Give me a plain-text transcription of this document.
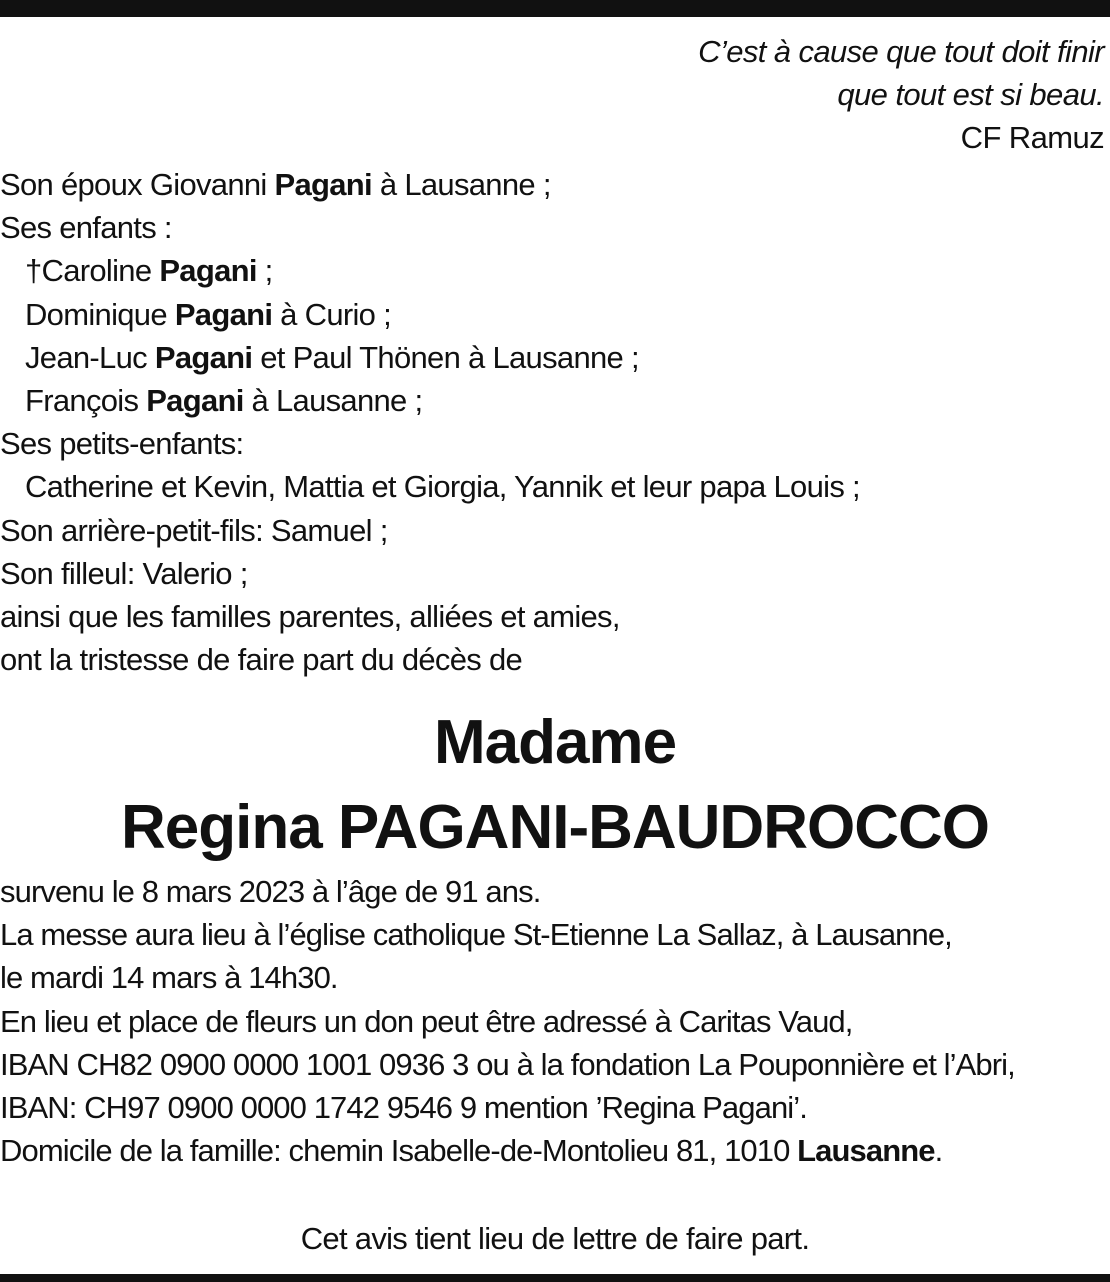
C’est à cause que tout doit finir
que tout est si beau.
CF Ramuz
Son époux Giovanni Pagani à Lausanne ;
Ses enfants :
†Caroline Pagani ;
Dominique Pagani à Curio ;
Jean-Luc Pagani et Paul Thönen à Lausanne ;
François Pagani à Lausanne ;
Ses petits-enfants:
Catherine et Kevin, Mattia et Giorgia, Yannik et leur papa Louis ;
Son arrière-petit-fils: Samuel ;
Son filleul: Valerio ;
ainsi que les familles parentes, alliées et amies,
ont la tristesse de faire part du décès de
Madame
Regina PAGANI-BAUDROCCO
survenu le 8 mars 2023 à l’âge de 91 ans.
La messe aura lieu à l’église catholique St-Etienne La Sallaz, à Lausanne,
le mardi 14 mars à 14h30.
En lieu et place de fleurs un don peut être adressé à Caritas Vaud,
IBAN CH82 0900 0000 1001 0936 3 ou à la fondation La Pouponnière et l’Abri,
IBAN: CH97 0900 0000 1742 9546 9 mention ’Regina Pagani’.
Domicile de la famille: chemin Isabelle-de-Montolieu 81, 1010 Lausanne.
Cet avis tient lieu de lettre de faire part.
